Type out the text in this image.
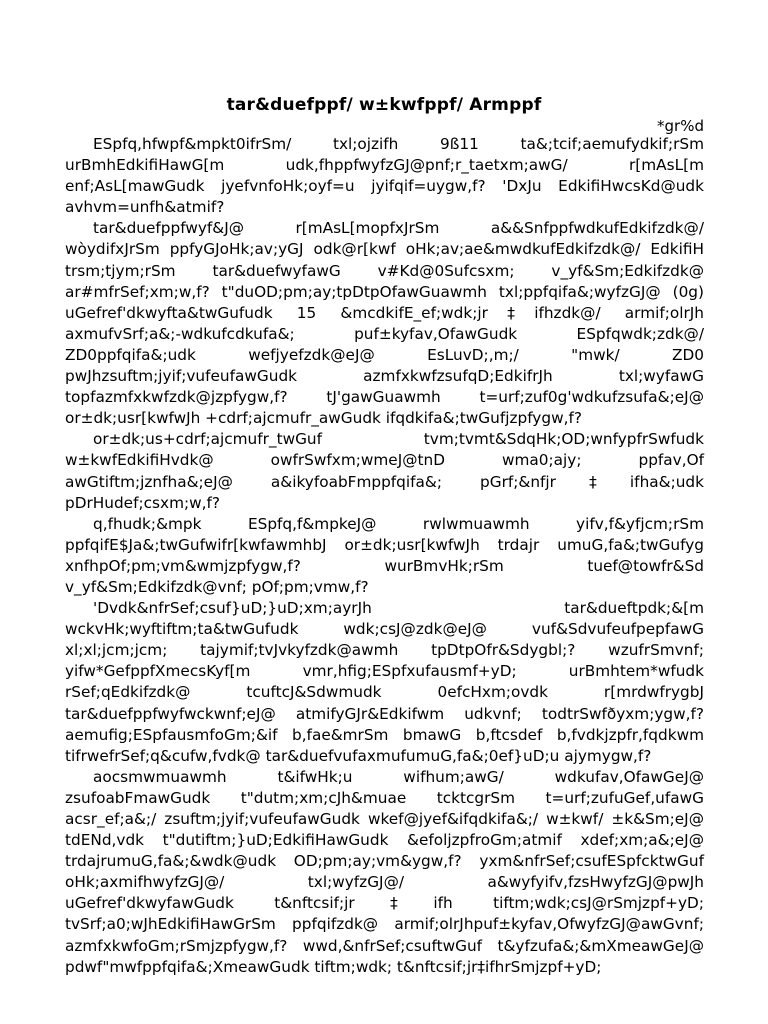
tar&duefppf/ w±kwfppf/ Armppf
*gr%d

ESpfq,hfwpf&mpkt0ifrSm/ txl;ojzifh 9ß11 ta&;tcif;aemufydkif;rSm urBmhEdkifiHawG[m udk,fhppfwyfzGJ@pnf;r_taetxm;awG/ r[mAsL[m enf;AsL[mawGudk jyefvnfoHk;oyf=u jyifqif=uygw,f? 'DxJu EdkifiHwcsKd@udk avhvm=unfh&atmif?

tar&duefppfwyf&J@ r[mAsL[mopfxJrSm a&&SnfppfwdkufEdkifzdk@/ wòydifxJrSm ppfyGJoHk;av;yGJ odk@r[kwf oHk;av;ae&mwdkufEdkifzdk@/ EdkifiH trsm;tjym;rSm tar&duefwyfawG v#Kd@0Sufcsxm; v_yf&Sm;Edkifzdk@ ar#mfrSef;xm;w,f? t"duOD;pm;ay;tpDtpOfawGuawmh txl;ppfqifa&;wyfzGJ@ (0g) uGefref'dkwyfta&twGufudk 15 &mcdkifE_ef;wdk;jr‡ifhzdk@/ armif;olrJh axmufvSrf;a&;-wdkufcdkufa&; puf±kyfav,OfawGudk ESpfqwdk;zdk@/ ZD0ppfqifa&;udk wefjyefzdk@eJ@ EsLuvD;,m;/ "mwk/ ZD0 pwJhzsuftm;jyif;vufeufawGudk azmfxkwfzsufqD;EdkifrJh txl;wyfawG topfazmfxkwfzdk@jzpfygw,f? tJ'gawGuawmh t=urf;zuf0g'wdkufzsufa&;eJ@ or±dk;usr[kwfwJh +cdrf;ajcmufr_awGudk ifqdkifa&;twGufjzpfygw,f?

or±dk;us+cdrf;ajcmufr_twGuf tvm;tvmt&SdqHk;OD;wnfypfrSwfudk w±kwfEdkifiHvdk@ owfrSwfxm;wmeJ@tnD wma0;ajy; ppfav,Of awGtiftm;jznfha&;eJ@ a&ikyfoabFmppfqifa&; pGrf;&nfjr‡ifha&;udk pDrHudef;csxm;w,f?

q,fhudk;&mpk ESpfq,f&mpkeJ@ rwlwmuawmh yifv,f&yfjcm;rSm ppfqifE$Ja&;twGufwifr[kwfawmhbJ or±dk;usr[kwfwJh trdajr umuG,fa&;twGufyg xnfhpOf;pm;vm&wmjzpfygw,f? wurBmvHk;rSm tuef@towfr&Sd v_yf&Sm;Edkifzdk@vnf; pOf;pm;vmw,f?

'Dvdk&nfrSef;csuf}uD;}uD;xm;ayrJh tar&dueftpdk;&[m wckvHk;wyftiftm;ta&twGufudk wdk;csJ@zdk@eJ@ vuf&SdvufeufpepfawG xl;xl;jcm;jcm; tajymif;tvJvkyfzdk@awmh tpDtpOfr&Sdygbl;? wzufrSmvnf; yifw*GefppfXmecsKyf[m vmr,hfig;ESpfxufausmf+yD; urBmhtem*wfudk rSef;qEdkifzdk@ tcuftcJ&Sdwmudk 0efcHxm;ovdk r[mrdwfrygbJ tar&duefppfwyfwckwnf;eJ@ atmifyGJr&Edkifwm udkvnf; todtrSwfðyxm;ygw,f? aemufig;ESpfausmfoGm;&if b,fae&mrSm bmawG b,ftcsdef b,fvdkjzpfr,fqdkwm tifrwefrSef;q&cufw,fvdk@ tar&duefvufaxmufumuG,fa&;0ef}uD;u ajymygw,f?

aocsmwmuawmh t&ifwHk;u wifhum;awG/ wdkufav,OfawGeJ@ zsufoabFmawGudk t"dutm;xm;cJh&muae tcktcgrSm t=urf;zufuGef,ufawG acsr_ef;a&;/ zsuftm;jyif;vufeufawGudk wkef@jyef&ifqdkifa&;/ w±kwf/ ±k&Sm;eJ@ tdENd,vdk t"dutiftm;}uD;EdkifiHawGudk &efoljzpfroGm;atmif xdef;xm;a&;eJ@ trdajrumuG,fa&;&wdk@udk OD;pm;ay;vm&ygw,f? yxm&nfrSef;csufESpfcktwGuf oHk;axmifhwyfzGJ@/ txl;wyfzGJ@/ a&wyfyifv,fzsHwyfzGJ@pwJh uGefref'dkwyfawGudk t&nftcsif;jr‡ifh tiftm;wdk;csJ@rSmjzpf+yD; tvSrf;a0;wJhEdkifiHawGrSm ppfqifzdk@ armif;olrJhpuf±kyfav,OfwyfzGJ@awGvnf; azmfxkwfoGm;rSmjzpfygw,f? wwd,&nfrSef;csuftwGuf t&yfzufa&;&mXmeawGeJ@ pdwf"mwfppfqifa&;XmeawGudk tiftm;wdk; t&nftcsif;jr‡ifhrSmjzpf+yD;
